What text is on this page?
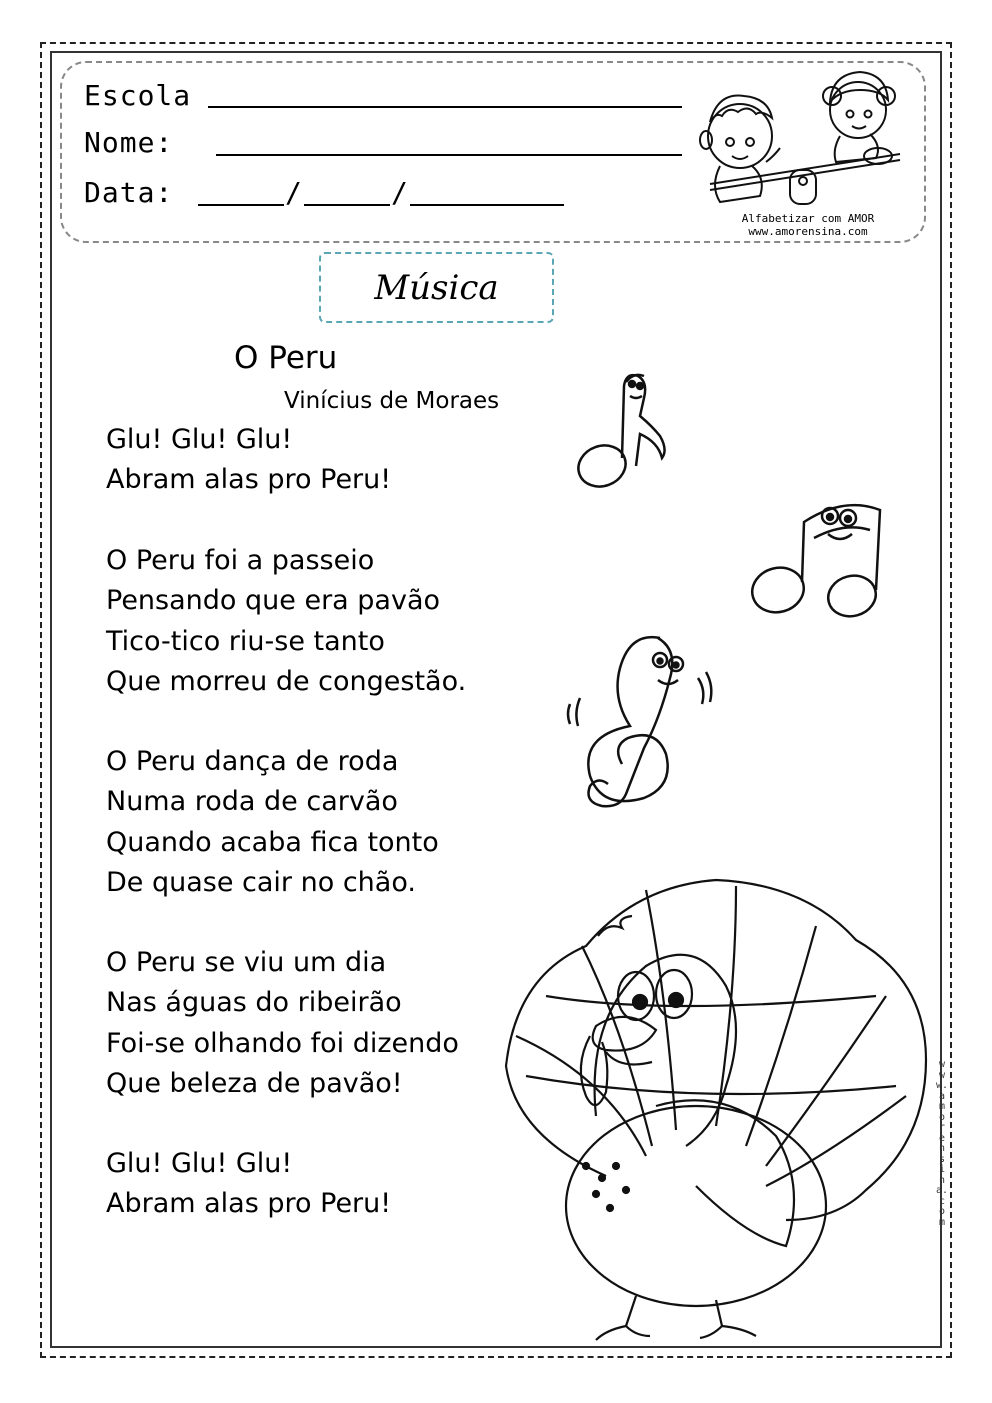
Escola
Nome:
Data:	/	/
Alfabetizar com AMOR
www.amorensina.com
Música
O Peru
Vinícius de Moraes
Glu! Glu! Glu!
Abram alas pro Peru!
O Peru foi a passeio
Pensando que era pavão
Tico-tico riu-se tanto
Que morreu de congestão.
O Peru dança de roda
Numa roda de carvão
Quando acaba fica tonto
De quase cair no chão.
O Peru se viu um dia
Nas águas do ribeirão
Foi-se olhando foi dizendo
Que beleza de pavão!
Glu! Glu! Glu!
Abram alas pro Peru!
www.amorensina.com
